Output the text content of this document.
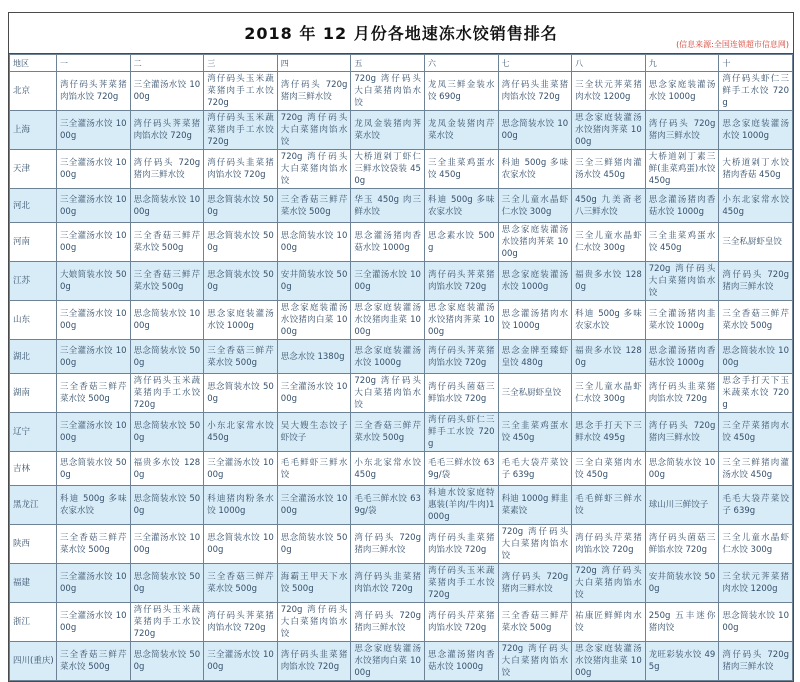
2018 年 12 月份各地速冻水饺销售排名
(信息来源:全国连锁超市信息网)
地区	一	二	三	四	五	六	七	八	九	十
北京	湾仔码头荠菜猪肉馅水饺 720g	三全灌汤水饺 1000g	湾仔码头玉米蔬菜猪肉手工水饺 720g	湾仔码头 720g 猪肉三鲜水饺	720g 湾仔码头大白菜猪肉馅水饺	龙凤三鲜金装水饺 690g	湾仔码头韭菜猪肉馅水饺 720g	三全状元荠菜猪肉水饺 1200g	思念家庭装灌汤水饺 1000g	湾仔码头虾仁三鲜手工水饺 720g
上海	三全灌汤水饺 1000g	湾仔码头荠菜猪肉馅水饺 720g	湾仔码头玉米蔬菜猪肉手工水饺 720g	720g 湾仔码头大白菜猪肉馅水饺	龙凤金装猪肉荠菜水饺	龙凤金装猪肉芹菜水饺	思念简装水饺 1000g	思念家庭装灌汤水饺猪肉荠菜 1000g	湾仔码头 720g 猪肉三鲜水饺	思念家庭装灌汤水饺 1000g
天津	三全灌汤水饺 1000g	湾仔码头 720g 猪肉三鲜水饺	湾仔码头韭菜猪肉馅水饺 720g	720g 湾仔码头大白菜猪肉馅水饺	大桥道剁丁虾仁三鲜水饺袋装 450g	三全韭菜鸡蛋水饺 450g	科迪 500g 多味农家水饺	三全三鲜猪肉灌汤水饺 450g	大桥道剁丁素三鲜(韭菜鸡蛋)水饺 450g	大桥道剁丁水饺猪肉香菇 450g
河北	三全灌汤水饺 1000g	思念简装水饺 1000g	思念简装水饺 500g	三全香菇三鲜芹菜水饺 500g	华玉 450g 肉三鲜水饺	科迪 500g 多味农家水饺	三全儿童水晶虾仁水饺 300g	450g 九美斋老八三鲜水饺	思念灌汤猪肉香菇水饺 1000g	小东北家常水饺 450g
河南	三全灌汤水饺 1000g	三全香菇三鲜芹菜水饺 500g	思念简装水饺 500g	思念简装水饺 1000g	思念灌汤猪肉香菇水饺 1000g	思念素水饺 500g	思念家庭装灌汤水饺猪肉荠菜 1000g	三全儿童水晶虾仁水饺 300g	三全韭菜鸡蛋水饺 450g	三全私厨虾皇饺
江苏	大娘简装水饺 500g	三全香菇三鲜芹菜水饺 500g	思念简装水饺 500g	安井简装水饺 500g	三全灌汤水饺 1000g	湾仔码头荠菜猪肉馅水饺 720g	思念家庭装灌汤水饺 1000g	福贵多水饺 1280g	720g 湾仔码头大白菜猪肉馅水饺	湾仔码头 720g 猪肉三鲜水饺
山东	三全灌汤水饺 1000g	思念简装水饺 1000g	思念家庭装灌汤水饺 1000g	思念家庭装灌汤水饺猪肉白菜 1000g	思念家庭装灌汤水饺猪肉韭菜 1000g	思念家庭装灌汤水饺猪肉荠菜 1000g	思念灌汤猪肉水饺 1000g	科迪 500g 多味农家水饺	三全灌汤猪肉韭菜水饺 1000g	三全香菇三鲜芹菜水饺 500g
湖北	三全灌汤水饺 1000g	思念简装水饺 500g	三全香菇三鲜芹菜水饺 500g	思念水饺 1380g	思念家庭装灌汤水饺 1000g	湾仔码头荠菜猪肉馅水饺 720g	思念金牌至臻虾皇饺 480g	福贵多水饺 1280g	思念灌汤猪肉香菇水饺 1000g	思念简装水饺 1000g
湖南	三全香菇三鲜芹菜水饺 500g	湾仔码头玉米蔬菜猪肉手工水饺 720g	思念简装水饺 500g	三全灌汤水饺 1000g	720g 湾仔码头大白菜猪肉馅水饺	湾仔码头菌菇三鲜馅水饺 720g	三全私厨虾皇饺	三全儿童水晶虾仁水饺 300g	湾仔码头韭菜猪肉馅水饺 720g	思念手打天下玉米蔬菜水饺 720g
辽宁	三全灌汤水饺 1000g	思念简装水饺 500g	小东北家常水饺 450g	吴大嫂生态饺子虾饺子	三全香菇三鲜芹菜水饺 500g	湾仔码头虾仁三鲜手工水饺 720g	三全韭菜鸡蛋水饺 450g	思念手打天下三鲜水饺 495g	湾仔码头 720g 猪肉三鲜水饺	三全芹菜猪肉水饺 450g
吉林	思念简装水饺 500g	福贵多水饺 1280g	三全灌汤水饺 1000g	毛毛鲜虾三鲜水饺	小东北家常水饺 450g	毛毛三鲜水饺 639g/袋	毛毛大袋芹菜饺子 639g	三全白菜猪肉水饺 450g	思念简装水饺 1000g	三全三鲜猪肉灌汤水饺 450g
黑龙江	科迪 500g 多味农家水饺	思念简装水饺 500g	科迪猪肉粉条水饺 1000g	三全灌汤水饺 1000g	毛毛三鲜水饺 639g/袋	科迪水饺家庭特惠装(羊肉/牛肉)1000g	科迪 1000g 鲜韭菜素饺	毛毛鲜虾三鲜水饺	球山川三鲜饺子	毛毛大袋芹菜饺子 639g
陕西	三全香菇三鲜芹菜水饺 500g	三全灌汤水饺 1000g	思念简装水饺 1000g	思念简装水饺 500g	湾仔码头 720g 猪肉三鲜水饺	湾仔码头韭菜猪肉馅水饺 720g	720g 湾仔码头大白菜猪肉馅水饺	湾仔码头芹菜猪肉馅水饺 720g	湾仔码头菌菇三鲜馅水饺 720g	三全儿童水晶虾仁水饺 300g
福建	三全灌汤水饺 1000g	思念简装水饺 500g	三全香菇三鲜芹菜水饺 500g	海霸王甲天下水饺 500g	湾仔码头韭菜猪肉馅水饺 720g	湾仔码头玉米蔬菜猪肉手工水饺 720g	湾仔码头 720g 猪肉三鲜水饺	720g 湾仔码头大白菜猪肉馅水饺	安井简装水饺 500g	三全状元荠菜猪肉水饺 1200g
浙江	三全灌汤水饺 1000g	湾仔码头玉米蔬菜猪肉手工水饺 720g	湾仔码头荠菜猪肉馅水饺 720g	720g 湾仔码头大白菜猪肉馅水饺	湾仔码头 720g 猪肉三鲜水饺	湾仔码头芹菜猪肉馅水饺 720g	三全香菇三鲜芹菜水饺 500g	祐康匠鲜鲜肉水饺	250g 五丰迷你猪肉饺	思念简装水饺 1000g
四川(重庆)	三全香菇三鲜芹菜水饺 500g	思念简装水饺 500g	三全灌汤水饺 1000g	湾仔码头韭菜猪肉馅水饺 720g	思念家庭装灌汤水饺猪肉白菜 1000g	思念灌汤猪肉香菇水饺 1000g	720g 湾仔码头大白菜猪肉馅水饺	思念家庭装灌汤水饺猪肉韭菜 1000g	龙旺彩装水饺 495g	湾仔码头 720g 猪肉三鲜水饺
